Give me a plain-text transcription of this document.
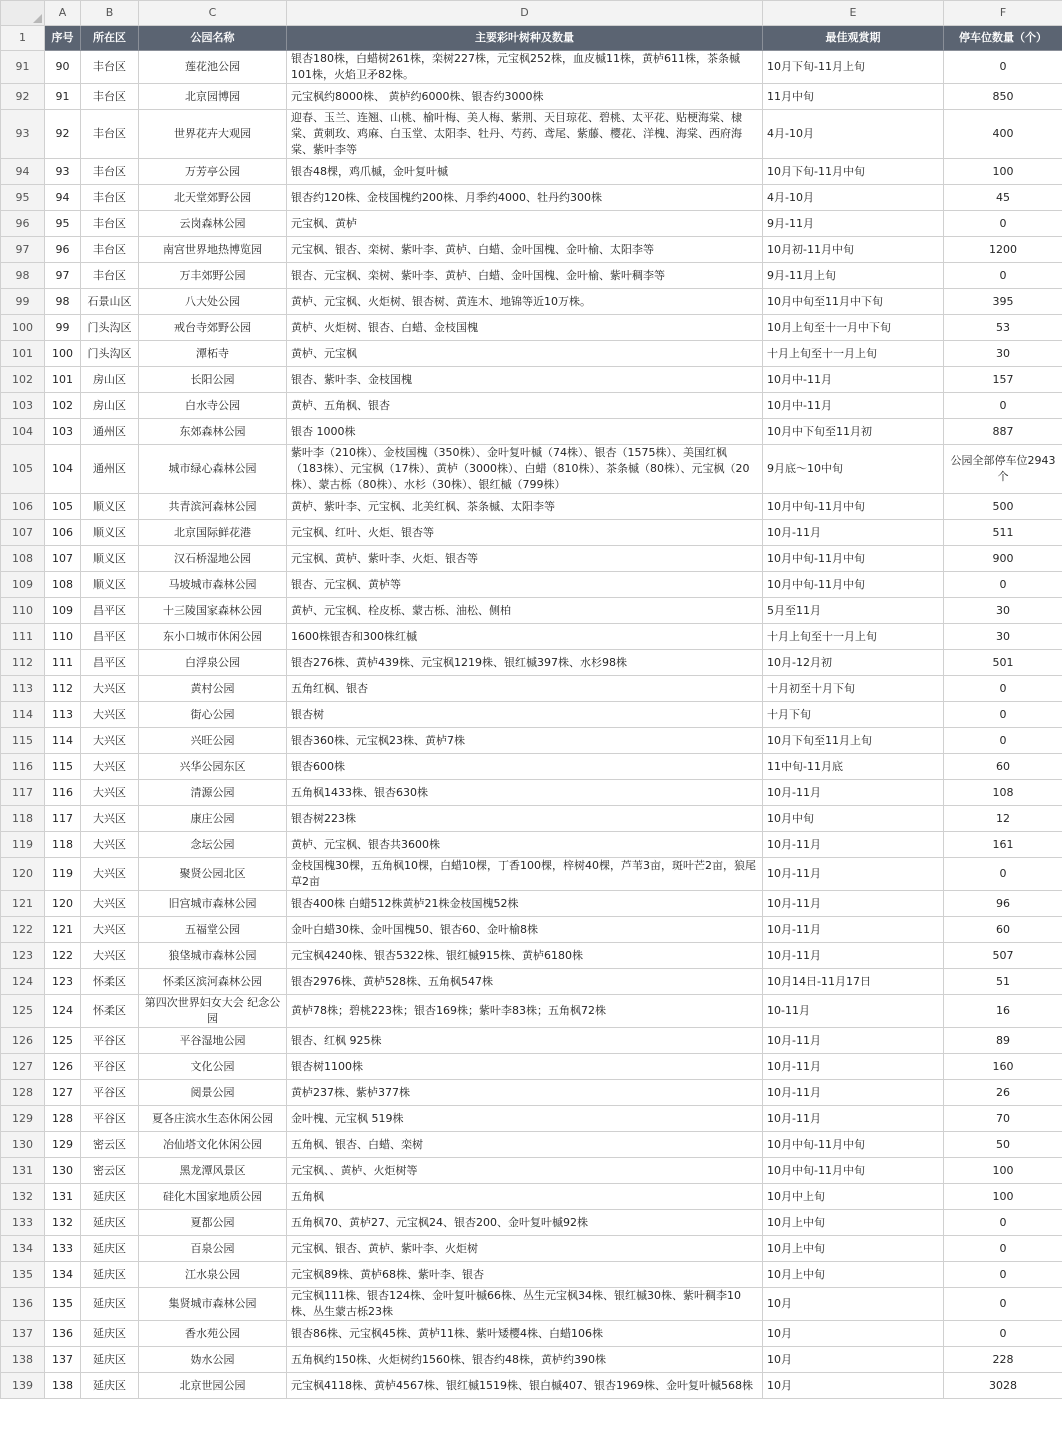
	A	B	C	D	E	F
1	序号	所在区	公园名称	主要彩叶树种及数量	最佳观赏期	停车位数量（个）
91	90	丰台区	莲花池公园	银杏180株，白蜡树261株，栾树227株，元宝枫252株，血皮槭11株，黄栌611株，茶条槭101株，火焰卫矛82株。	10月下旬-11月上旬	0
92	91	丰台区	北京园博园	元宝枫约8000株、 黄栌约6000株、银杏约3000株	11月中旬	850
93	92	丰台区	世界花卉大观园	迎春、玉兰、连翘、山桃、榆叶梅、美人梅、紫荆、天目琼花、碧桃、太平花、贴梗海棠、棣棠、黄刺玫、鸡麻、白玉堂、太阳李、牡丹、芍药、鸢尾、紫藤、樱花、洋槐、海棠、西府海棠、紫叶李等	4月-10月	400
94	93	丰台区	万芳亭公园	银杏48棵，鸡爪槭，金叶复叶槭	10月下旬-11月中旬	100
95	94	丰台区	北天堂郊野公园	银杏约120株、金枝国槐约200株、月季约4000、牡丹约300株	4月-10月	45
96	95	丰台区	云岗森林公园	元宝枫、黄栌	9月-11月	0
97	96	丰台区	南宫世界地热博览园	元宝枫、银杏、栾树、紫叶李、黄栌、白蜡、金叶国槐、金叶榆、太阳李等	10月初-11月中旬	1200
98	97	丰台区	万丰郊野公园	银杏、元宝枫、栾树、紫叶李、黄栌、白蜡、金叶国槐、金叶榆、紫叶稠李等	9月-11月上旬	0
99	98	石景山区	八大处公园	黄栌、元宝枫、火炬树、银杏树、黄连木、地锦等近10万株。	10月中旬至11月中下旬	395
100	99	门头沟区	戒台寺郊野公园	黄栌、火炬树、银杏、白蜡、金枝国槐	10月上旬至十一月中下旬	53
101	100	门头沟区	潭柘寺	黄栌、元宝枫	十月上旬至十一月上旬	30
102	101	房山区	长阳公园	银杏、紫叶李、金枝国槐	10月中-11月	157
103	102	房山区	白水寺公园	黄栌、五角枫、银杏	10月中-11月	0
104	103	通州区	东郊森林公园	银杏 1000株	10月中下旬至11月初	887
105	104	通州区	城市绿心森林公园	紫叶李（210株）、金枝国槐（350株）、金叶复叶槭（74株）、银杏（1575株）、美国红枫（183株）、元宝枫（17株）、黄栌（3000株）、白蜡（810株）、茶条槭（80株）、元宝枫（20株）、蒙古栎（80株）、水杉（30株）、银红槭（799株）	9月底～10中旬	公园全部停车位2943个
106	105	顺义区	共青滨河森林公园	黄栌、紫叶李、元宝枫、北美红枫、茶条槭、太阳李等	10月中旬-11月中旬	500
107	106	顺义区	北京国际鲜花港	元宝枫、红叶、火炬、银杏等	10月-11月	511
108	107	顺义区	汉石桥湿地公园	元宝枫、黄栌、紫叶李、火炬、银杏等	10月中旬-11月中旬	900
109	108	顺义区	马坡城市森林公园	银杏、元宝枫、黄栌等	10月中旬-11月中旬	0
110	109	昌平区	十三陵国家森林公园	黄栌、元宝枫、栓皮栎、蒙古栎、油松、侧柏	5月至11月	30
111	110	昌平区	东小口城市休闲公园	1600株银杏和300株红槭	十月上旬至十一月上旬	30
112	111	昌平区	白浮泉公园	银杏276株、黄栌439株、元宝枫1219株、银红槭397株、水杉98株	10月-12月初	501
113	112	大兴区	黄村公园	五角红枫、银杏	十月初至十月下旬	0
114	113	大兴区	街心公园	银杏树	十月下旬	0
115	114	大兴区	兴旺公园	银杏360株、元宝枫23株、黄栌7株	10月下旬至11月上旬	0
116	115	大兴区	兴华公园东区	银杏600株	11中旬-11月底	60
117	116	大兴区	清源公园	五角枫1433株、银杏630株	10月-11月	108
118	117	大兴区	康庄公园	银杏树223株	10月中旬	12
119	118	大兴区	念坛公园	黄栌、元宝枫、银杏共3600株	10月-11月	161
120	119	大兴区	聚贤公园北区	金枝国槐30棵，五角枫10棵，白蜡10棵，丁香100棵，梓树40棵，芦苇3亩，斑叶芒2亩，狼尾草2亩	10月-11月	0
121	120	大兴区	旧宫城市森林公园	银杏400株 白蜡512株黄栌21株金枝国槐52株	10月-11月	96
122	121	大兴区	五福堂公园	金叶白蜡30株、金叶国槐50、银杏60、金叶榆8株	10月-11月	60
123	122	大兴区	狼垡城市森林公园	元宝枫4240株、银杏5322株、银红槭915株、黄栌6180株	10月-11月	507
124	123	怀柔区	怀柔区滨河森林公园	银杏2976株、黄栌528株、五角枫547株	10月14日-11月17日	51
125	124	怀柔区	第四次世界妇女大会 纪念公园	黄栌78株；碧桃223株；银杏169株；紫叶李83株；五角枫72株	10-11月	16
126	125	平谷区	平谷湿地公园	银杏、红枫 925株	10月-11月	89
127	126	平谷区	文化公园	银杏树1100株	10月-11月	160
128	127	平谷区	阅景公园	黄栌237株、紫栌377株	10月-11月	26
129	128	平谷区	夏各庄滨水生态休闲公园	金叶槐、元宝枫 519株	10月-11月	70
130	129	密云区	冶仙塔文化休闲公园	五角枫、银杏、白蜡、栾树	10月中旬-11月中旬	50
131	130	密云区	黑龙潭风景区	元宝枫、、黄栌、火炬树等	10月中旬-11月中旬	100
132	131	延庆区	硅化木国家地质公园	五角枫	10月中上旬	100
133	132	延庆区	夏都公园	五角枫70、黄栌27、元宝枫24、银杏200、金叶复叶槭92株	10月上中旬	0
134	133	延庆区	百泉公园	元宝枫、银杏、黄栌、紫叶李、火炬树	10月上中旬	0
135	134	延庆区	江水泉公园	元宝枫89株、黄栌68株、紫叶李、银杏	10月上中旬	0
136	135	延庆区	集贤城市森林公园	元宝枫111株、银杏124株、金叶复叶槭66株、丛生元宝枫34株、银红槭30株、紫叶稠李10株、丛生蒙古栎23株	10月	0
137	136	延庆区	香水苑公园	银杏86株、元宝枫45株、黄栌11株、紫叶矮樱4株、白蜡106株	10月	0
138	137	延庆区	妫水公园	五角枫约150株、火炬树约1560株、银杏约48株，黄栌约390株	10月	228
139	138	延庆区	北京世园公园	元宝枫4118株、黄栌4567株、银红槭1519株、银白槭407、银杏1969株、金叶复叶槭568株	10月	3028
